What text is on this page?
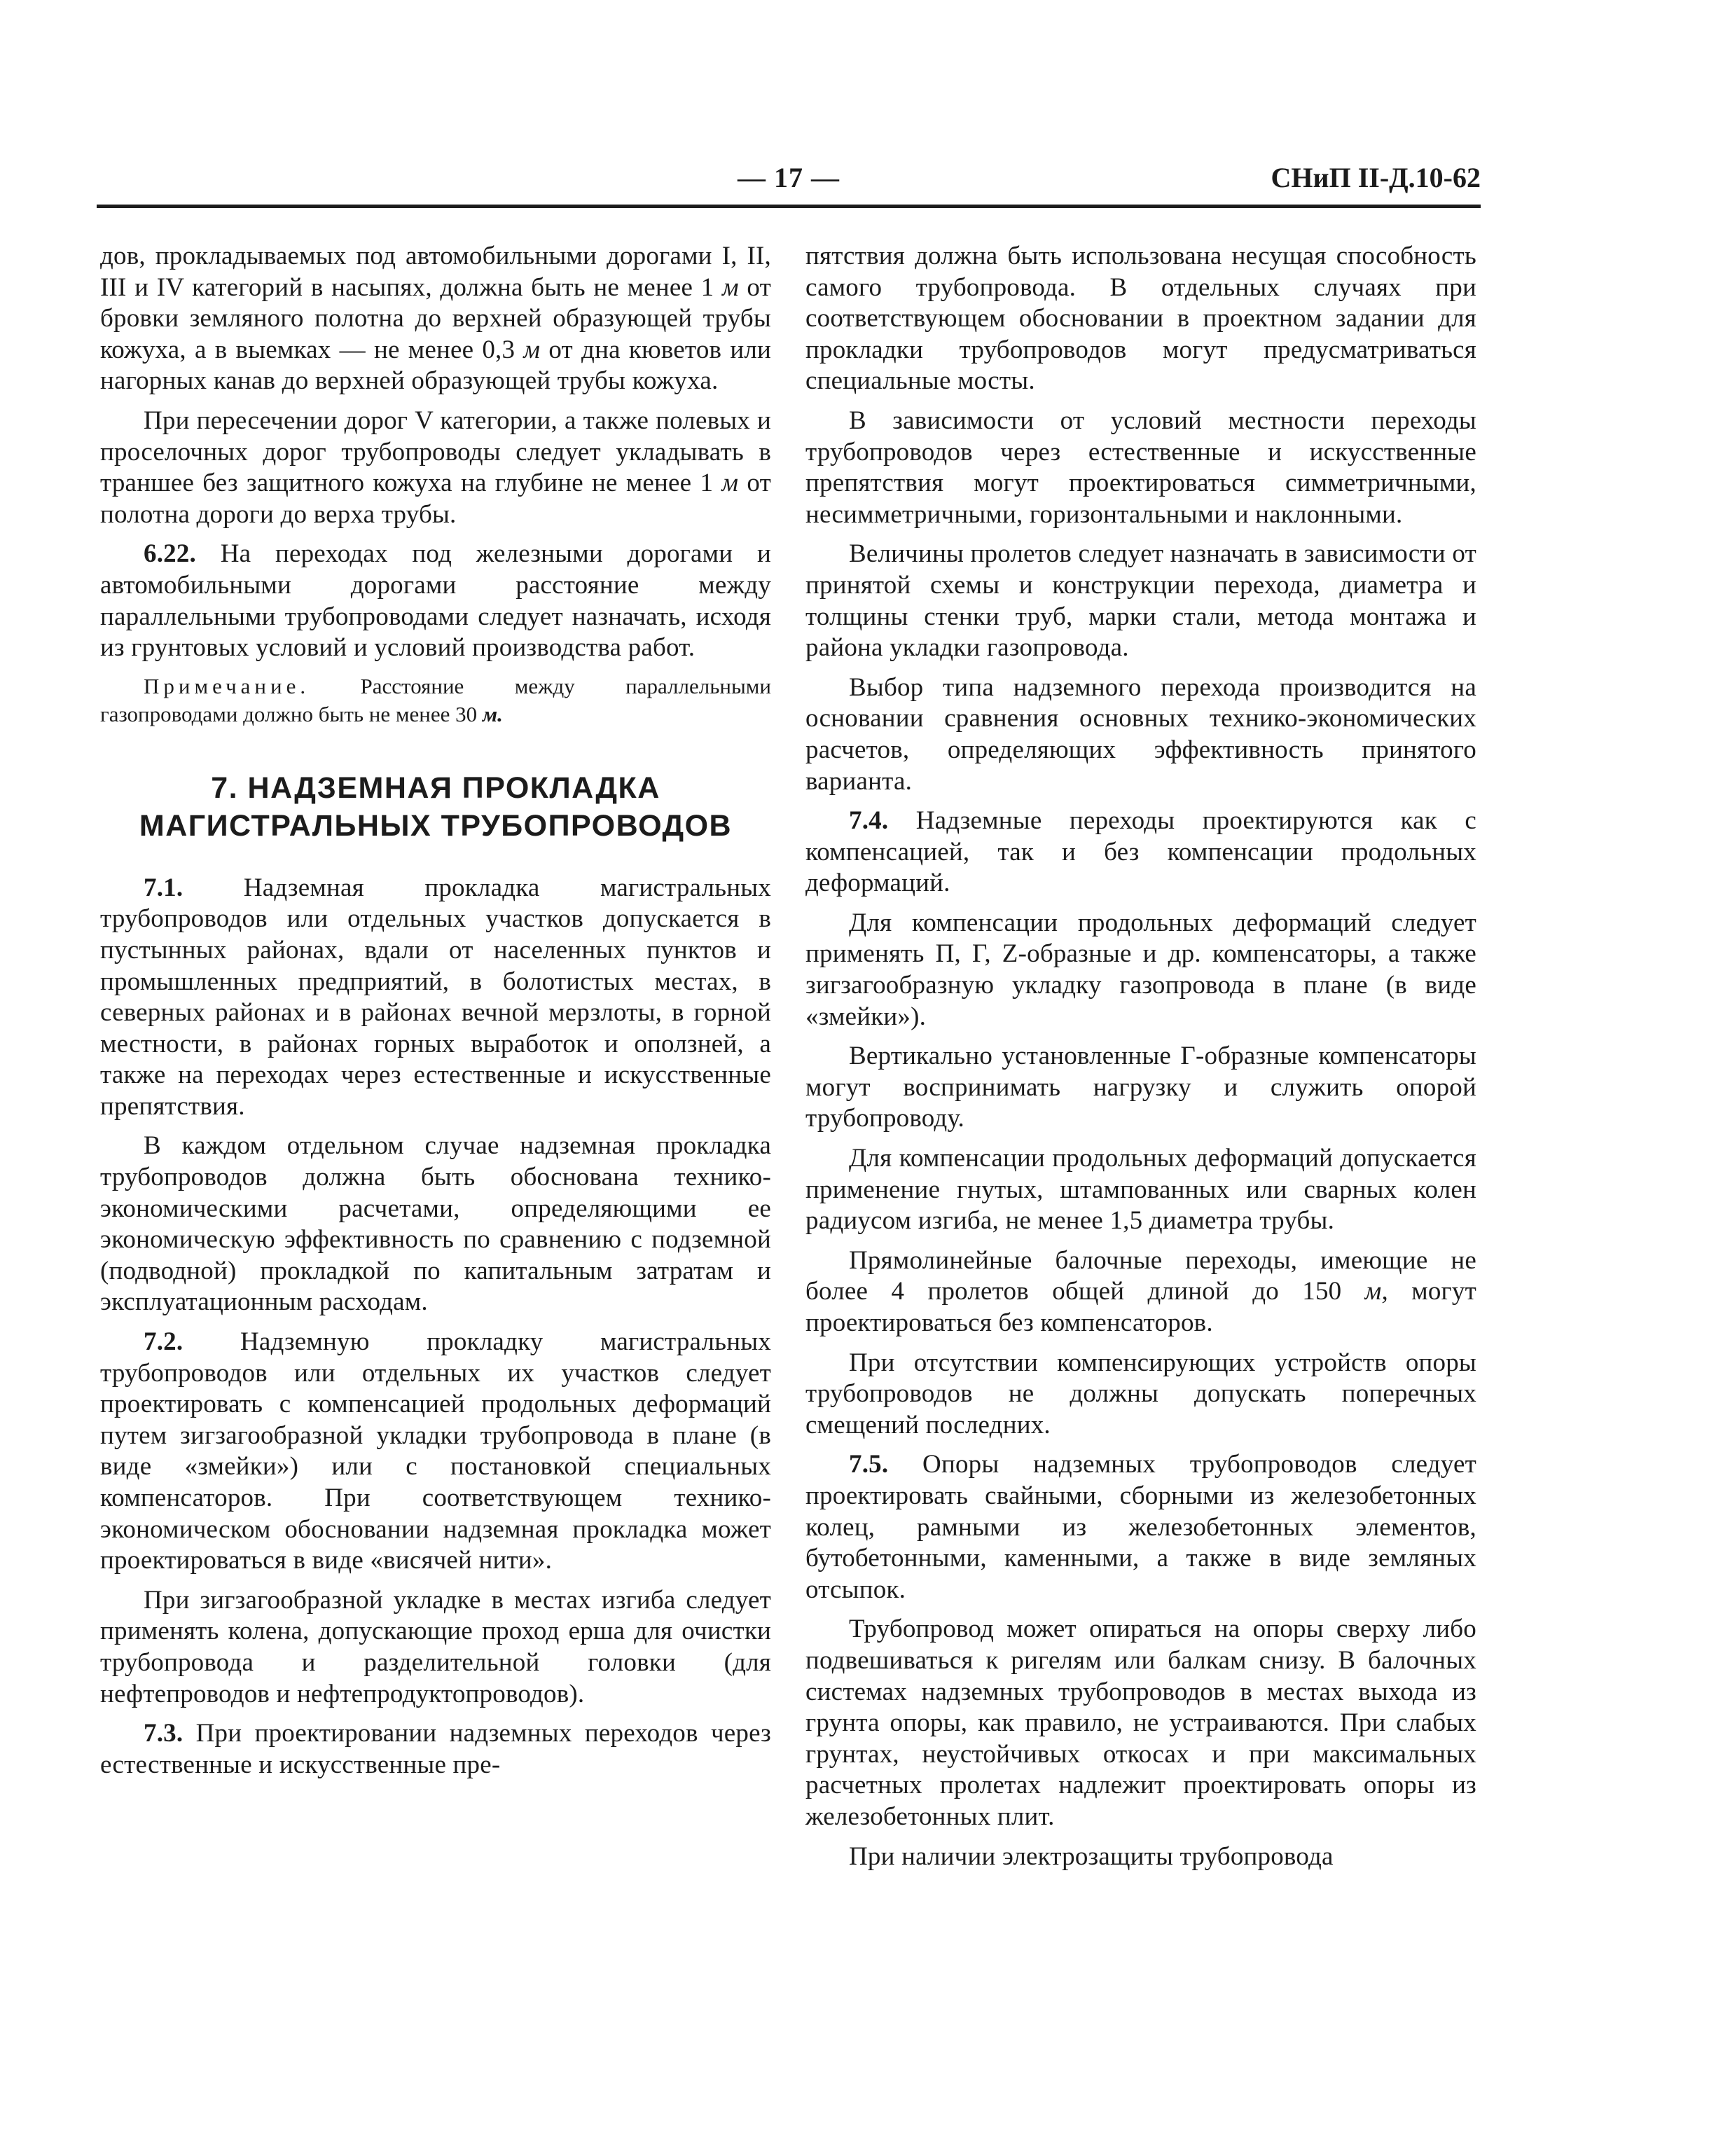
— 17 —	СНиП II-Д.10-62

дов, прокладываемых под автомобильными дорогами I, II, III и IV категорий в насыпях, должна быть не менее 1 м от бровки земляного полотна до верхней образующей трубы кожуха, а в выемках — не менее 0,3 м от дна кюветов или нагорных канав до верхней образующей трубы кожуха.

При пересечении дорог V категории, а также полевых и проселочных дорог трубопроводы следует укладывать в траншее без защитного кожуха на глубине не менее 1 м от полотна дороги до верха трубы.

6.22. На переходах под железными дорогами и автомобильными дорогами расстояние между параллельными трубопроводами следует назначать, исходя из грунтовых условий и условий производства работ.

Примечание. Расстояние между параллельными газопроводами должно быть не менее 30 м.

7. НАДЗЕМНАЯ ПРОКЛАДКА
МАГИСТРАЛЬНЫХ ТРУБОПРОВОДОВ

7.1. Надземная прокладка магистральных трубопроводов или отдельных участков допускается в пустынных районах, вдали от населенных пунктов и промышленных предприятий, в болотистых местах, в северных районах и в районах вечной мерзлоты, в горной местности, в районах горных выработок и оползней, а также на переходах через естественные и искусственные препятствия.

В каждом отдельном случае надземная прокладка трубопроводов должна быть обоснована технико-экономическими расчетами, определяющими ее экономическую эффективность по сравнению с подземной (подводной) прокладкой по капитальным затратам и эксплуатационным расходам.

7.2. Надземную прокладку магистральных трубопроводов или отдельных их участков следует проектировать с компенсацией продольных деформаций путем зигзагообразной укладки трубопровода в плане (в виде «змейки») или с постановкой специальных компенсаторов. При соответствующем технико-экономическом обосновании надземная прокладка может проектироваться в виде «висячей нити».

При зигзагообразной укладке в местах изгиба следует применять колена, допускающие проход ерша для очистки трубопровода и разделительной головки (для нефтепроводов и нефтепродуктопроводов).

7.3. При проектировании надземных переходов через естественные и искусственные пре-

пятствия должна быть использована несущая способность самого трубопровода. В отдельных случаях при соответствующем обосновании в проектном задании для прокладки трубопроводов могут предусматриваться специальные мосты.

В зависимости от условий местности переходы трубопроводов через естественные и искусственные препятствия могут проектироваться симметричными, несимметричными, горизонтальными и наклонными.

Величины пролетов следует назначать в зависимости от принятой схемы и конструкции перехода, диаметра и толщины стенки труб, марки стали, метода монтажа и района укладки газопровода.

Выбор типа надземного перехода производится на основании сравнения основных технико-экономических расчетов, определяющих эффективность принятого варианта.

7.4. Надземные переходы проектируются как с компенсацией, так и без компенсации продольных деформаций.

Для компенсации продольных деформаций следует применять П, Г, Z-образные и др. компенсаторы, а также зигзагообразную укладку газопровода в плане (в виде «змейки»).

Вертикально установленные Г-образные компенсаторы могут воспринимать нагрузку и служить опорой трубопроводу.

Для компенсации продольных деформаций допускается применение гнутых, штампованных или сварных колен радиусом изгиба, не менее 1,5 диаметра трубы.

Прямолинейные балочные переходы, имеющие не более 4 пролетов общей длиной до 150 м, могут проектироваться без компенсаторов.

При отсутствии компенсирующих устройств опоры трубопроводов не должны допускать поперечных смещений последних.

7.5. Опоры надземных трубопроводов следует проектировать свайными, сборными из железобетонных колец, рамными из железобетонных элементов, бутобетонными, каменными, а также в виде земляных отсыпок.

Трубопровод может опираться на опоры сверху либо подвешиваться к ригелям или балкам снизу. В балочных системах надземных трубопроводов в местах выхода из грунта опоры, как правило, не устраиваются. При слабых грунтах, неустойчивых откосах и при максимальных расчетных пролетах надлежит проектировать опоры из железобетонных плит.

При наличии электрозащиты трубопровода
